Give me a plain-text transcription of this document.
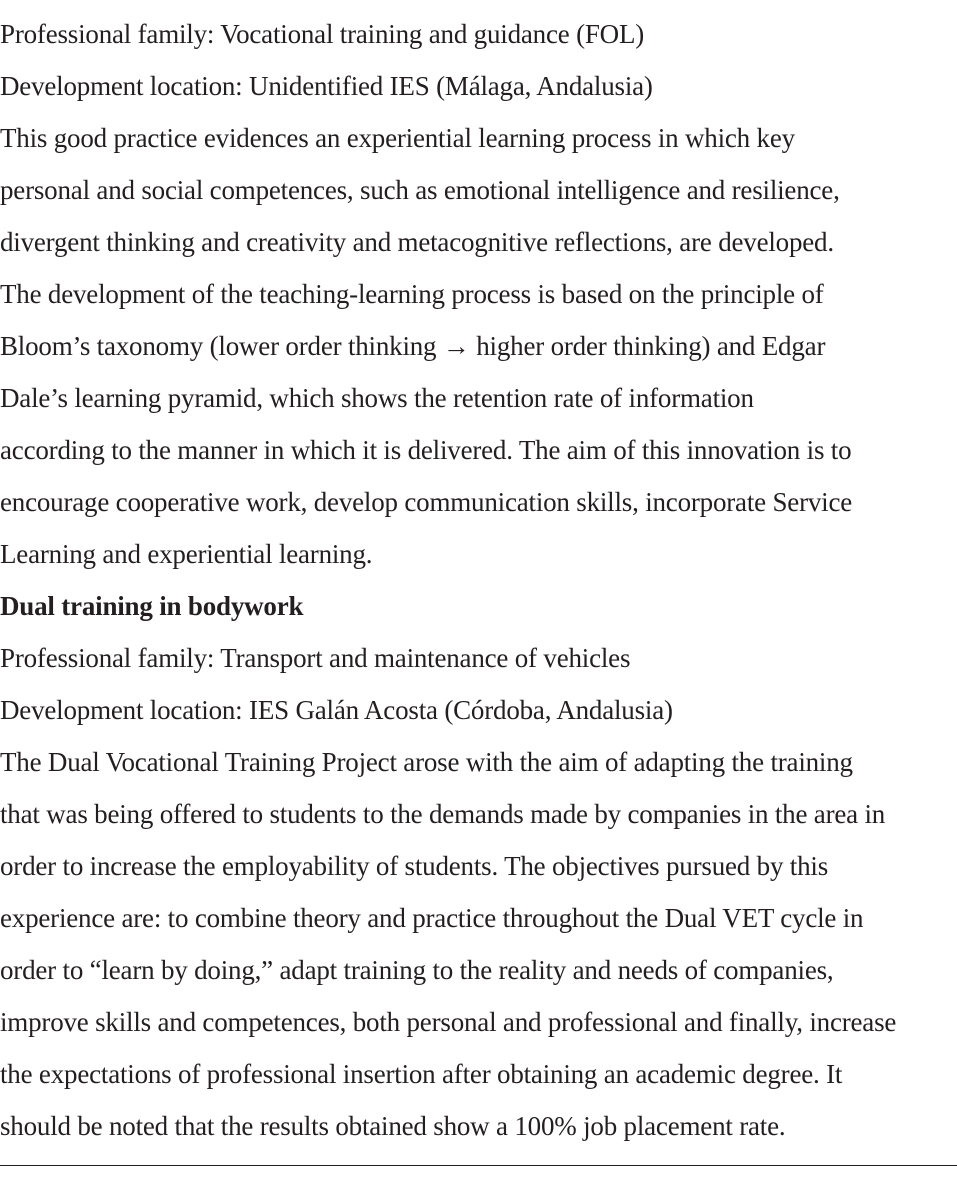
Professional family: Vocational training and guidance (FOL)

Development location: Unidentified IES (Málaga, Andalusia)

This good practice evidences an experiential learning process in which key
personal and social competences, such as emotional intelligence and resilience,
divergent thinking and creativity and metacognitive reflections, are developed.
The development of the teaching-learning process is based on the principle of
Bloom’s taxonomy (lower order thinking → higher order thinking) and Edgar
Dale’s learning pyramid, which shows the retention rate of information
according to the manner in which it is delivered. The aim of this innovation is to
encourage cooperative work, develop communication skills, incorporate Service
Learning and experiential learning.

Dual training in bodywork

Professional family: Transport and maintenance of vehicles

Development location: IES Galán Acosta (Córdoba, Andalusia)

The Dual Vocational Training Project arose with the aim of adapting the training
that was being offered to students to the demands made by companies in the area in
order to increase the employability of students. The objectives pursued by this
experience are: to combine theory and practice throughout the Dual VET cycle in
order to “learn by doing,” adapt training to the reality and needs of companies,
improve skills and competences, both personal and professional and finally, increase
the expectations of professional insertion after obtaining an academic degree. It
should be noted that the results obtained show a 100% job placement rate.
